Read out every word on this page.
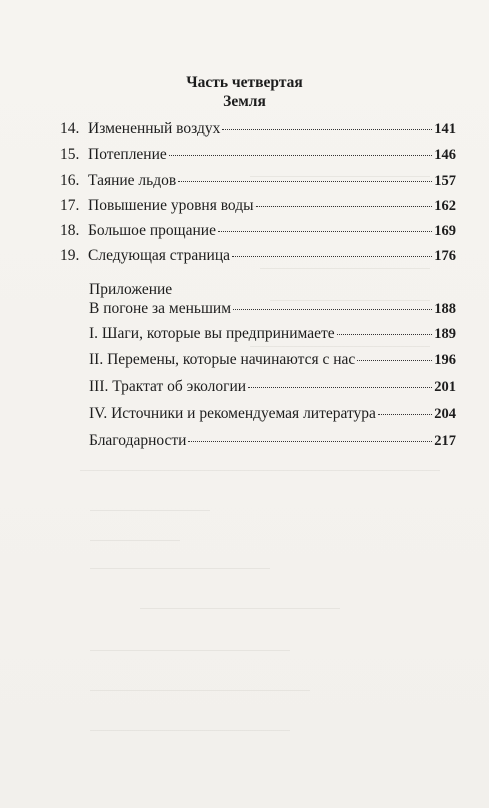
Часть четвертая
Земля
14. Измененный воздух	141
15. Потепление	146
16. Таяние льдов	157
17. Повышение уровня воды	162
18. Большое прощание	169
19. Следующая страница	176
Приложение
В погоне за меньшим	188
I. Шаги, которые вы предпринимаете	189
II. Перемены, которые начинаются с нас	196
III. Трактат об экологии	201
IV. Источники и рекомендуемая литература	204
Благодарности	217
